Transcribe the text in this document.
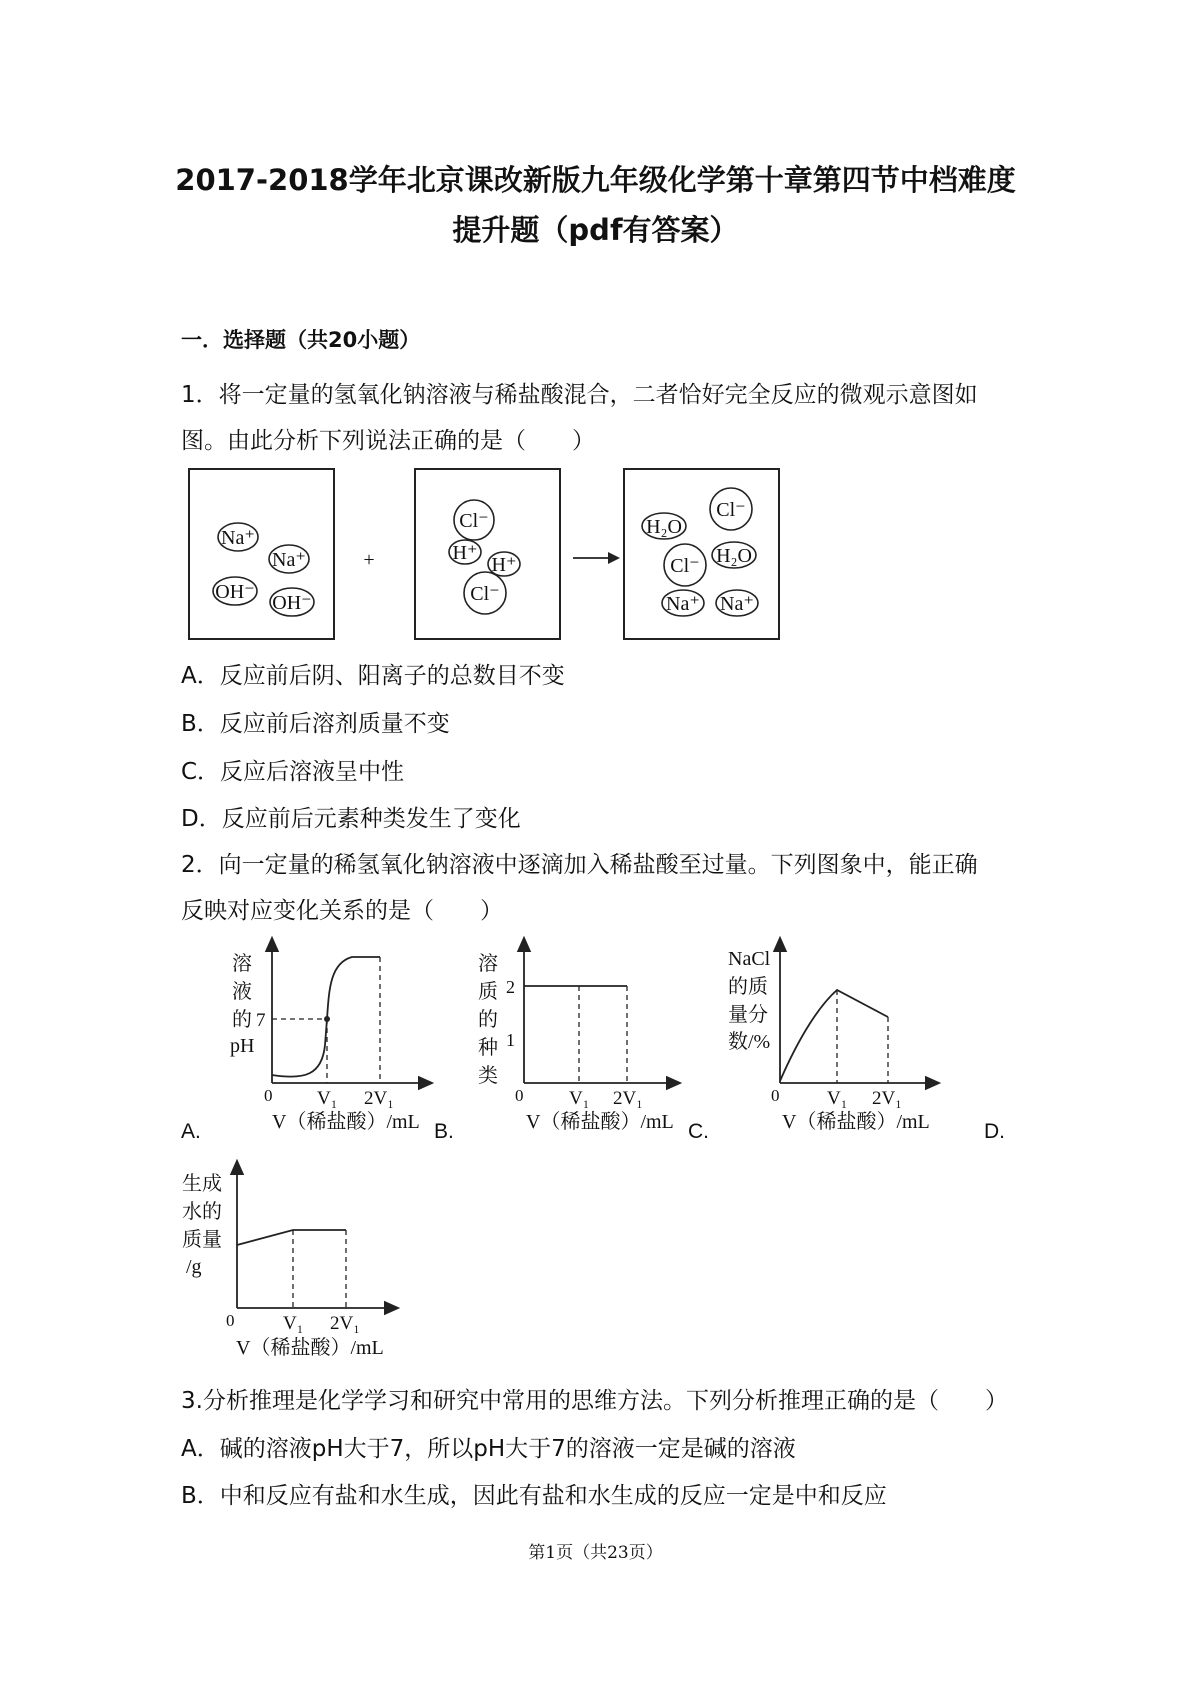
2017-2018学年北京课改新版九年级化学第十章第四节中档难度
提升题（pdf有答案）
一．选择题（共20小题）
1．将一定量的氢氧化钠溶液与稀盐酸混合，二者恰好完全反应的微观示意图如
图。由此分析下列说法正确的是（　　）
Na⁺
Na⁺
OH⁻ OH⁻
+
Cl⁻
H⁺
H⁺
Cl⁻
H₂O
Cl⁻
Cl⁻ H₂O
Na⁺ Na⁺
A．反应前后阴、阳离子的总数目不变
B．反应前后溶剂质量不变
C．反应后溶液呈中性
D．反应前后元素种类发生了变化
2．向一定量的稀氢氧化钠溶液中逐滴加入稀盐酸至过量。下列图象中，能正确
反映对应变化关系的是（　　）
溶
液
的
pH
7
0 V₁ 2V₁
V（稀盐酸）/mL
溶
质
的
种
类
2
1
0 V₁ 2V₁
V（稀盐酸）/mL
NaCl
的质
量分
数/%
0	V₁ 2V₁
V（稀盐酸）/mL
A.	B.	C.	D.
生成
水的
质量
/g
0	V₁ 2V₁
V（稀盐酸）/mL
3.分析推理是化学学习和研究中常用的思维方法。下列分析推理正确的是（　　）
A．碱的溶液pH大于7，所以pH大于7的溶液一定是碱的溶液
B．中和反应有盐和水生成，因此有盐和水生成的反应一定是中和反应
第1页（共23页）
